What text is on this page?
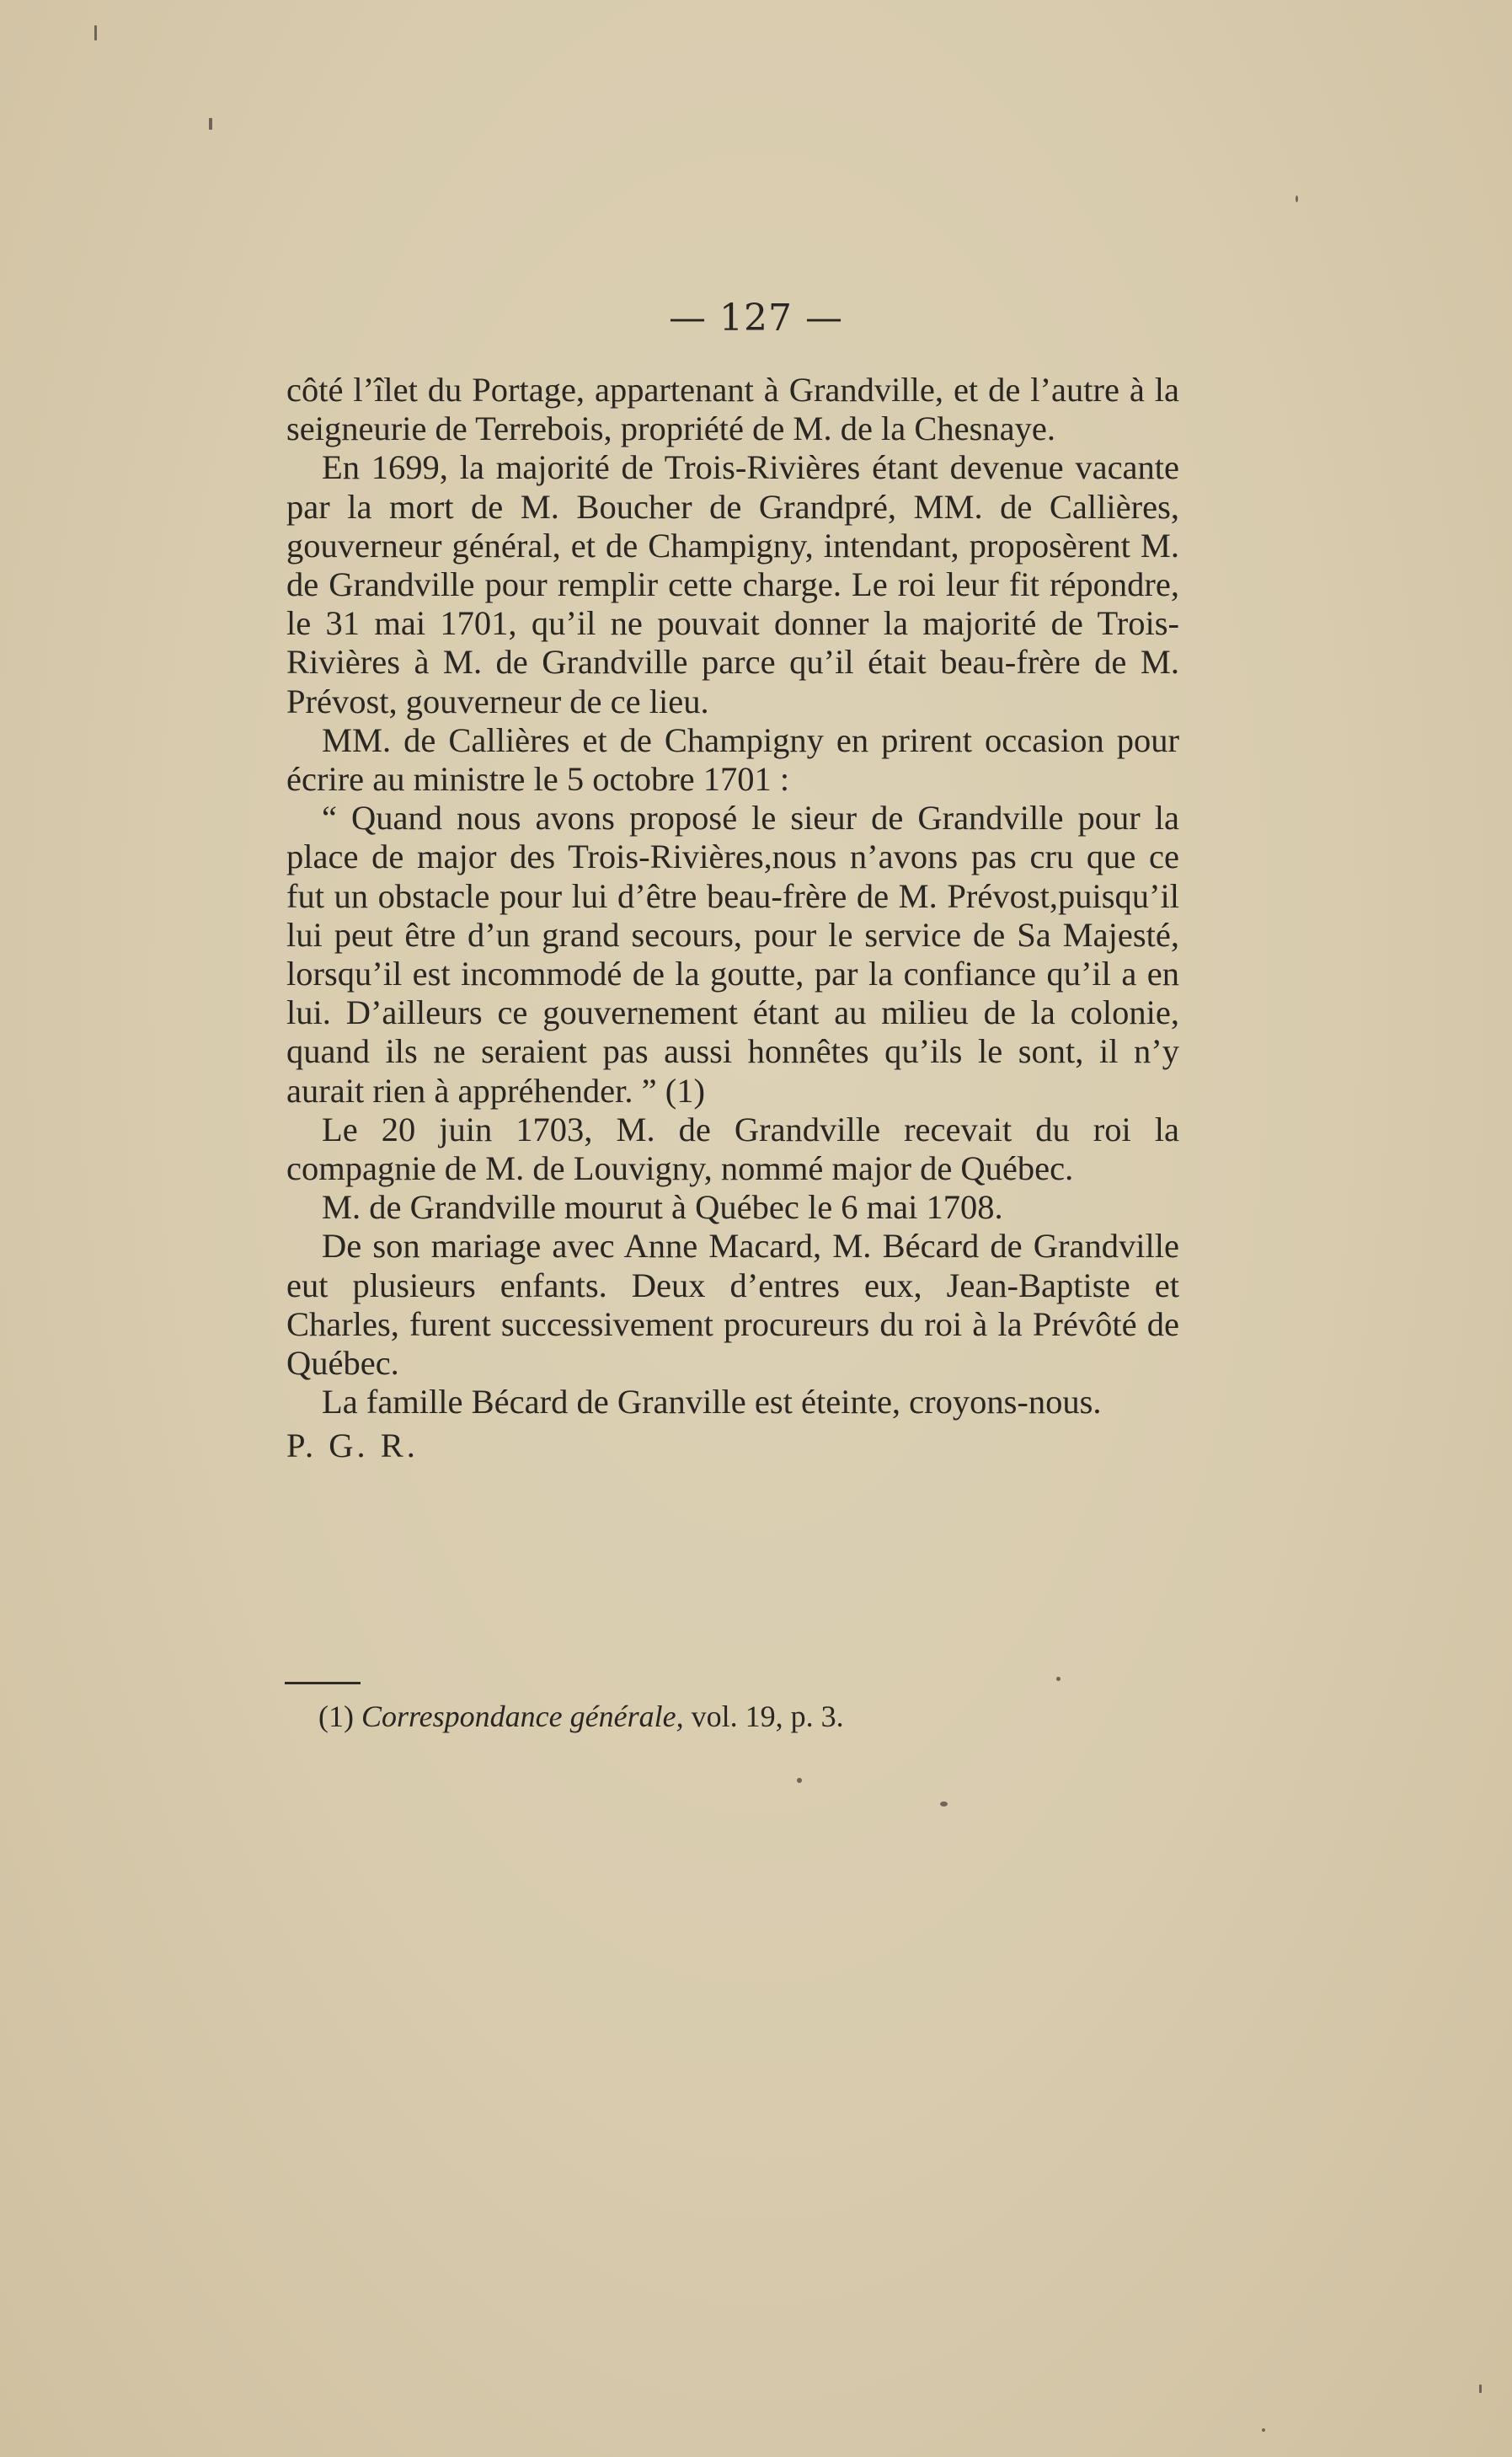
— 127 —

côté l’îlet du Portage, appartenant à Grandville, et de l’autre à la seigneurie de Terrebois, propriété de M. de la Chesnaye.

En 1699, la majorité de Trois-Rivières étant devenue vacante par la mort de M. Boucher de Grandpré, MM. de Callières, gouverneur général, et de Champigny, intendant, proposèrent M. de Grandville pour remplir cette charge. Le roi leur fit répondre, le 31 mai 1701, qu’il ne pouvait donner la majorité de Trois-Rivières à M. de Grandville parce qu’il était beau-frère de M. Prévost, gouverneur de ce lieu.

MM. de Callières et de Champigny en prirent occasion pour écrire au ministre le 5 octobre 1701 :

“ Quand nous avons proposé le sieur de Grandville pour la place de major des Trois-Rivières,nous n’avons pas cru que ce fut un obstacle pour lui d’être beau-frère de M. Prévost,puisqu’il lui peut être d’un grand secours, pour le service de Sa Majesté, lorsqu’il est incommodé de la goutte, par la confiance qu’il a en lui. D’ailleurs ce gouvernement étant au milieu de la colonie, quand ils ne seraient pas aussi honnêtes qu’ils le sont, il n’y aurait rien à appréhender. ” (1)

Le 20 juin 1703, M. de Grandville recevait du roi la compagnie de M. de Louvigny, nommé major de Québec.

M. de Grandville mourut à Québec le 6 mai 1708.

De son mariage avec Anne Macard, M. Bécard de Grandville eut plusieurs enfants. Deux d’entres eux, Jean-Baptiste et Charles, furent successivement procureurs du roi à la Prévôté de Québec.

La famille Bécard de Granville est éteinte, croyons-nous.

P. G. R.

(1) Correspondance générale, vol. 19, p. 3.
